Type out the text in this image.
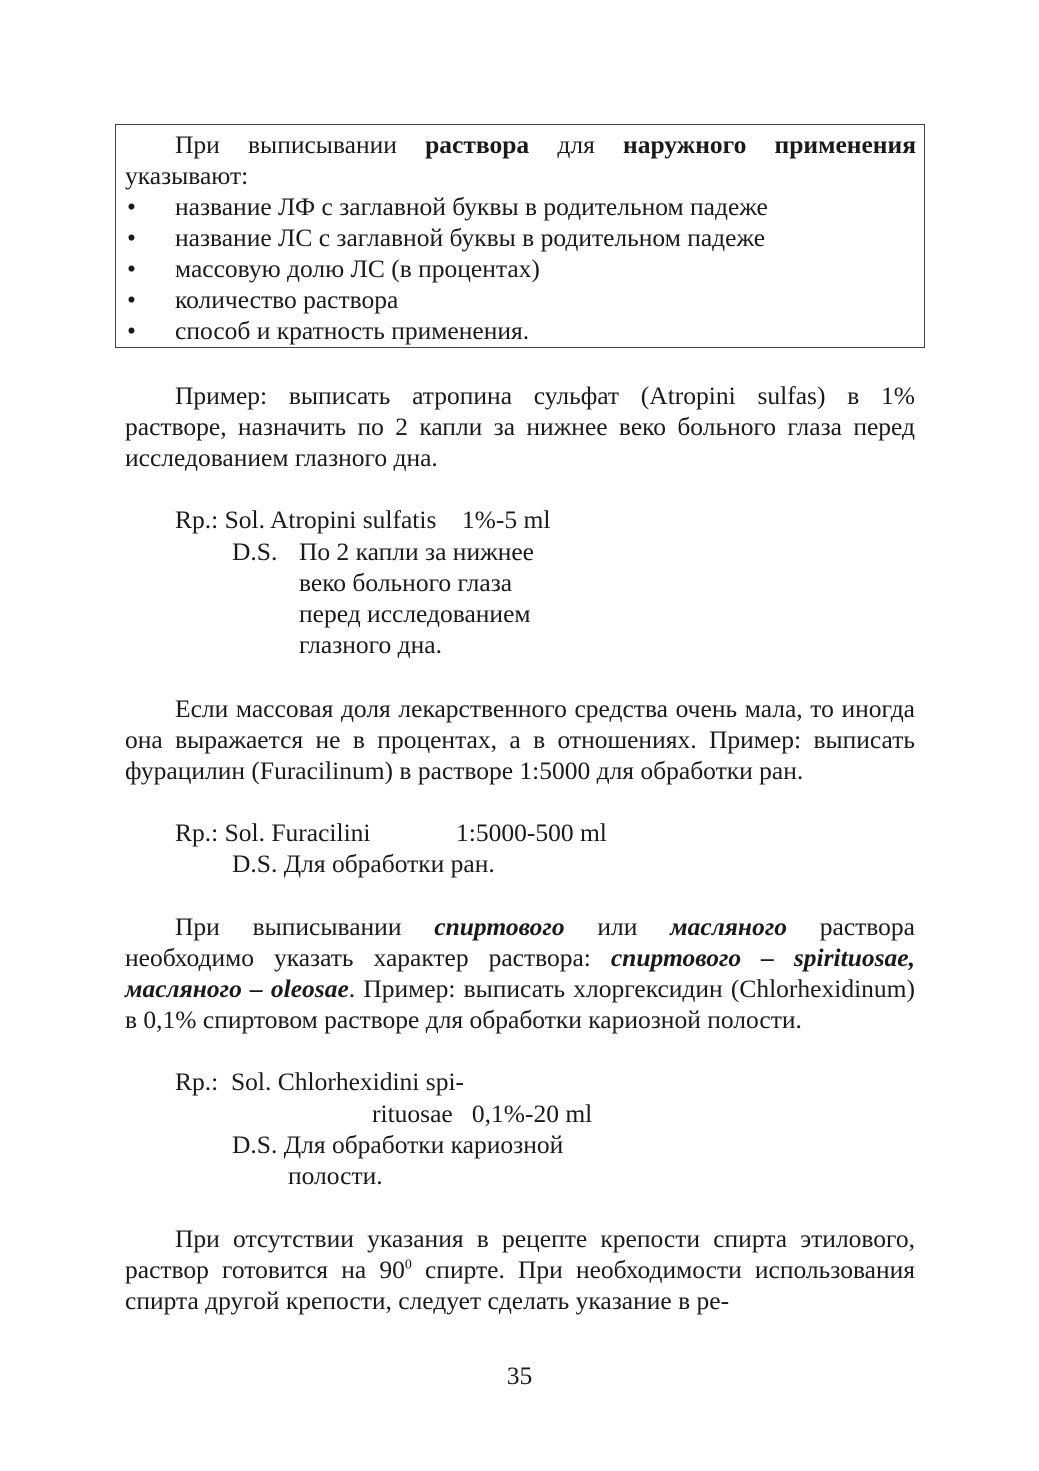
При выписывании раствора для наружного применения указывают:

• название ЛФ с заглавной буквы в родительном падеже
• название ЛС с заглавной буквы в родительном падеже
• массовую долю ЛС (в процентах)
• количество раствора
• способ и кратность применения.

Пример: выписать атропина сульфат (Atropini sulfas) в 1% растворе, назначить по 2 капли за нижнее веко больного глаза перед исследованием глазного дна.

Rp.: Sol. Atropini sulfatis    1%-5 ml

D.S. По 2 капли за нижнее

веко больного глаза

перед исследованием

глазного дна.

Если массовая доля лекарственного средства очень мала, то иногда она выражается не в процентах, а в отношениях. Пример: выписать фурацилин (Furacilinum) в растворе 1:5000 для обработки ран.

Rp.: Sol. Furacilini	1:5000-500 ml

D.S. Для обработки ран.

При выписывании спиртового или масляного раствора необходимо указать характер раствора: спиртового – spirituosae, масляного – oleosae. Пример: выписать хлоргексидин (Chlorhexidinum) в 0,1% спиртовом растворе для обработки кариозной полости.

Rp.:  Sol. Chlorhexidini spi-

rituosae   0,1%-20 ml

D.S. Для обработки кариозной

полости.

При отсутствии указания в рецепте крепости спирта этилового, раствор готовится на $90^0$ спирте. При необходимости использования спирта другой крепости, следует сделать указание в ре-

35
